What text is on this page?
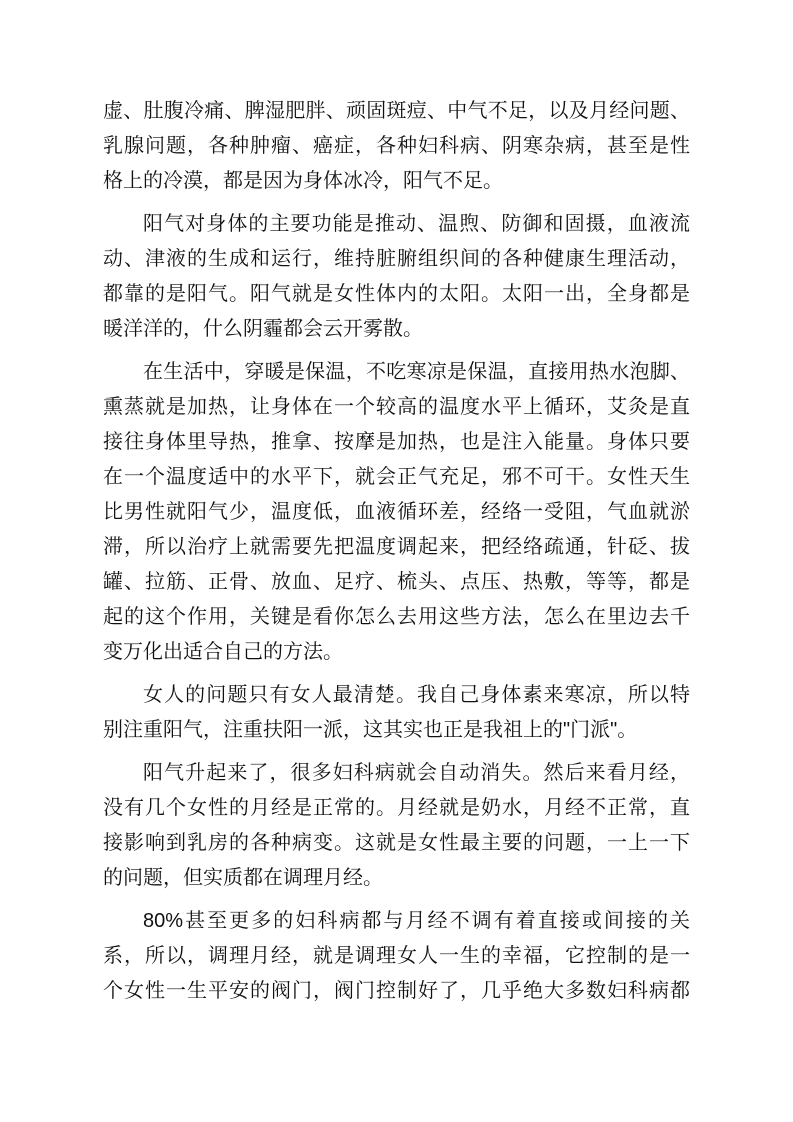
虚、肚腹冷痛、脾湿肥胖、顽固斑痘、中气不足，以及月经问题、
乳腺问题，各种肿瘤、癌症，各种妇科病、阴寒杂病，甚至是性
格上的冷漠，都是因为身体冰冷，阳气不足。
阳气对身体的主要功能是推动、温煦、防御和固摄，血液流
动、津液的生成和运行，维持脏腑组织间的各种健康生理活动，
都靠的是阳气。阳气就是女性体内的太阳。太阳一出，全身都是
暖洋洋的，什么阴霾都会云开雾散。
在生活中，穿暖是保温，不吃寒凉是保温，直接用热水泡脚、
熏蒸就是加热，让身体在一个较高的温度水平上循环，艾灸是直
接往身体里导热，推拿、按摩是加热，也是注入能量。身体只要
在一个温度适中的水平下，就会正气充足，邪不可干。女性天生
比男性就阳气少，温度低，血液循环差，经络一受阻，气血就淤
滞，所以治疗上就需要先把温度调起来，把经络疏通，针砭、拔
罐、拉筋、正骨、放血、足疗、梳头、点压、热敷，等等，都是
起的这个作用，关键是看你怎么去用这些方法，怎么在里边去千
变万化出适合自己的方法。
女人的问题只有女人最清楚。我自己身体素来寒凉，所以特
别注重阳气，注重扶阳一派，这其实也正是我祖上的"门派"。
阳气升起来了，很多妇科病就会自动消失。然后来看月经，
没有几个女性的月经是正常的。月经就是奶水，月经不正常，直
接影响到乳房的各种病变。这就是女性最主要的问题，一上一下
的问题，但实质都在调理月经。
80%甚至更多的妇科病都与月经不调有着直接或间接的关
系，所以，调理月经，就是调理女人一生的幸福，它控制的是一
个女性一生平安的阀门，阀门控制好了，几乎绝大多数妇科病都
